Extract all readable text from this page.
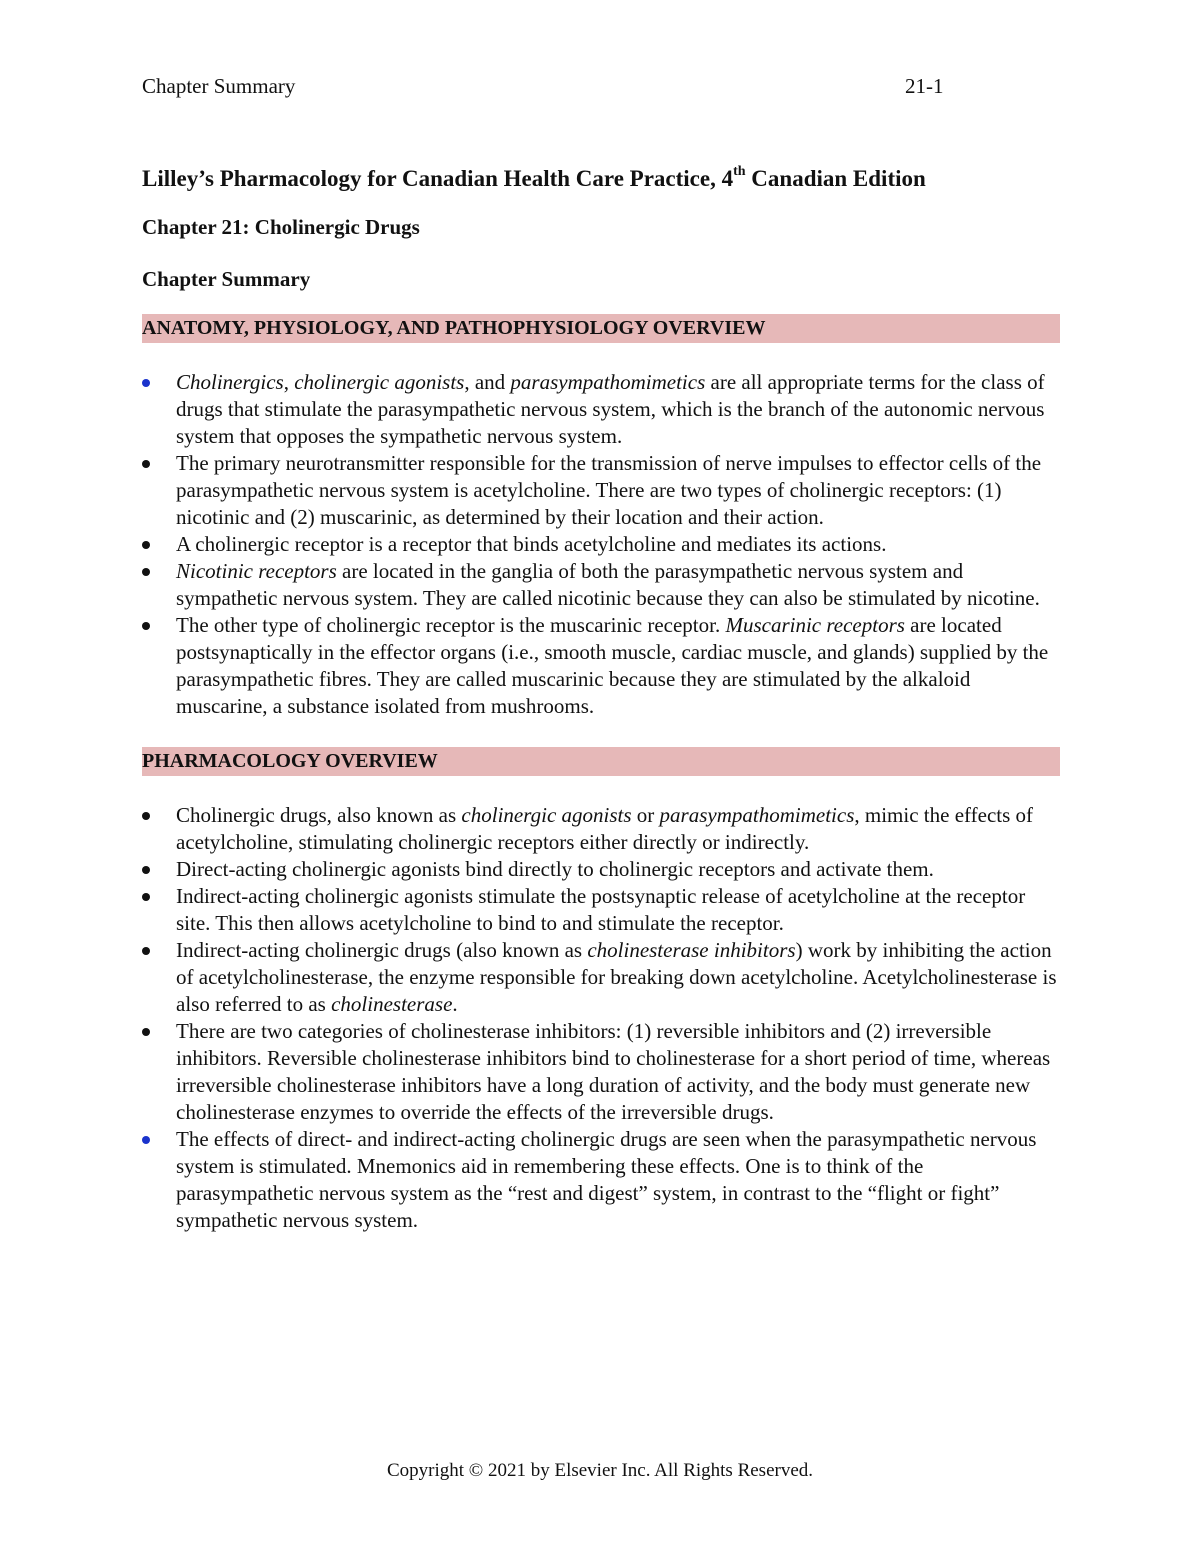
Chapter Summary	21-1
Lilley’s Pharmacology for Canadian Health Care Practice, 4th Canadian Edition
Chapter 21: Cholinergic Drugs
Chapter Summary
ANATOMY, PHYSIOLOGY, AND PATHOPHYSIOLOGY OVERVIEW
Cholinergics, cholinergic agonists, and parasympathomimetics are all appropriate terms for the class of drugs that stimulate the parasympathetic nervous system, which is the branch of the autonomic nervous system that opposes the sympathetic nervous system.
The primary neurotransmitter responsible for the transmission of nerve impulses to effector cells of the parasympathetic nervous system is acetylcholine. There are two types of cholinergic receptors: (1) nicotinic and (2) muscarinic, as determined by their location and their action.
A cholinergic receptor is a receptor that binds acetylcholine and mediates its actions.
Nicotinic receptors are located in the ganglia of both the parasympathetic nervous system and sympathetic nervous system. They are called nicotinic because they can also be stimulated by nicotine.
The other type of cholinergic receptor is the muscarinic receptor. Muscarinic receptors are located postsynaptically in the effector organs (i.e., smooth muscle, cardiac muscle, and glands) supplied by the parasympathetic fibres. They are called muscarinic because they are stimulated by the alkaloid muscarine, a substance isolated from mushrooms.
PHARMACOLOGY OVERVIEW
Cholinergic drugs, also known as cholinergic agonists or parasympathomimetics, mimic the effects of acetylcholine, stimulating cholinergic receptors either directly or indirectly.
Direct-acting cholinergic agonists bind directly to cholinergic receptors and activate them.
Indirect-acting cholinergic agonists stimulate the postsynaptic release of acetylcholine at the receptor site. This then allows acetylcholine to bind to and stimulate the receptor.
Indirect-acting cholinergic drugs (also known as cholinesterase inhibitors) work by inhibiting the action of acetylcholinesterase, the enzyme responsible for breaking down acetylcholine. Acetylcholinesterase is also referred to as cholinesterase.
There are two categories of cholinesterase inhibitors: (1) reversible inhibitors and (2) irreversible inhibitors. Reversible cholinesterase inhibitors bind to cholinesterase for a short period of time, whereas irreversible cholinesterase inhibitors have a long duration of activity, and the body must generate new cholinesterase enzymes to override the effects of the irreversible drugs.
The effects of direct- and indirect-acting cholinergic drugs are seen when the parasympathetic nervous system is stimulated. Mnemonics aid in remembering these effects. One is to think of the parasympathetic nervous system as the “rest and digest” system, in contrast to the “flight or fight” sympathetic nervous system.
Copyright © 2021 by Elsevier Inc. All Rights Reserved.
